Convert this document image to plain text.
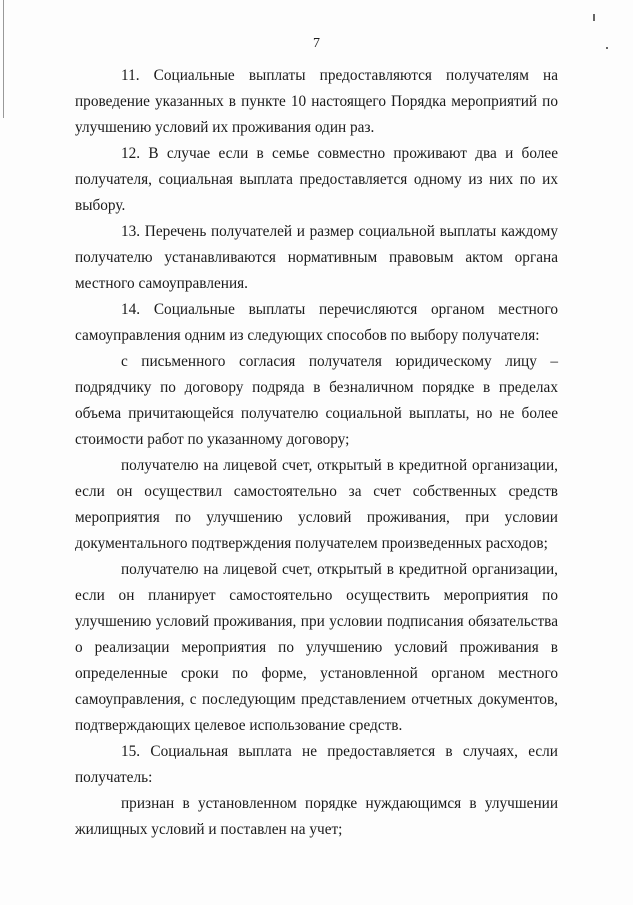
7

11. Социальные выплаты предоставляются получателям на проведение указанных в пункте 10 настоящего Порядка мероприятий по улучшению условий их проживания один раз.

12. В случае если в семье совместно проживают два и более получателя, социальная выплата предоставляется одному из них по их выбору.

13. Перечень получателей и размер социальной выплаты каждому получателю устанавливаются нормативным правовым актом органа местного самоуправления.

14. Социальные выплаты перечисляются органом местного самоуправления одним из следующих способов по выбору получателя:

с письменного согласия получателя юридическому лицу – подрядчику по договору подряда в безналичном порядке в пределах объема причитающейся получателю социальной выплаты, но не более стоимости работ по указанному договору;

получателю на лицевой счет, открытый в кредитной организации, если он осуществил самостоятельно за счет собственных средств мероприятия по улучшению условий проживания, при условии документального подтверждения получателем произведенных расходов;

получателю на лицевой счет, открытый в кредитной организации, если он планирует самостоятельно осуществить мероприятия по улучшению условий проживания, при условии подписания обязательства о реализации мероприятия по улучшению условий проживания в определенные сроки по форме, установленной органом местного самоуправления, с последующим представлением отчетных документов, подтверждающих целевое использование средств.

15. Социальная выплата не предоставляется в случаях, если получатель:

признан в установленном порядке нуждающимся в улучшении жилищных условий и поставлен на учет;
